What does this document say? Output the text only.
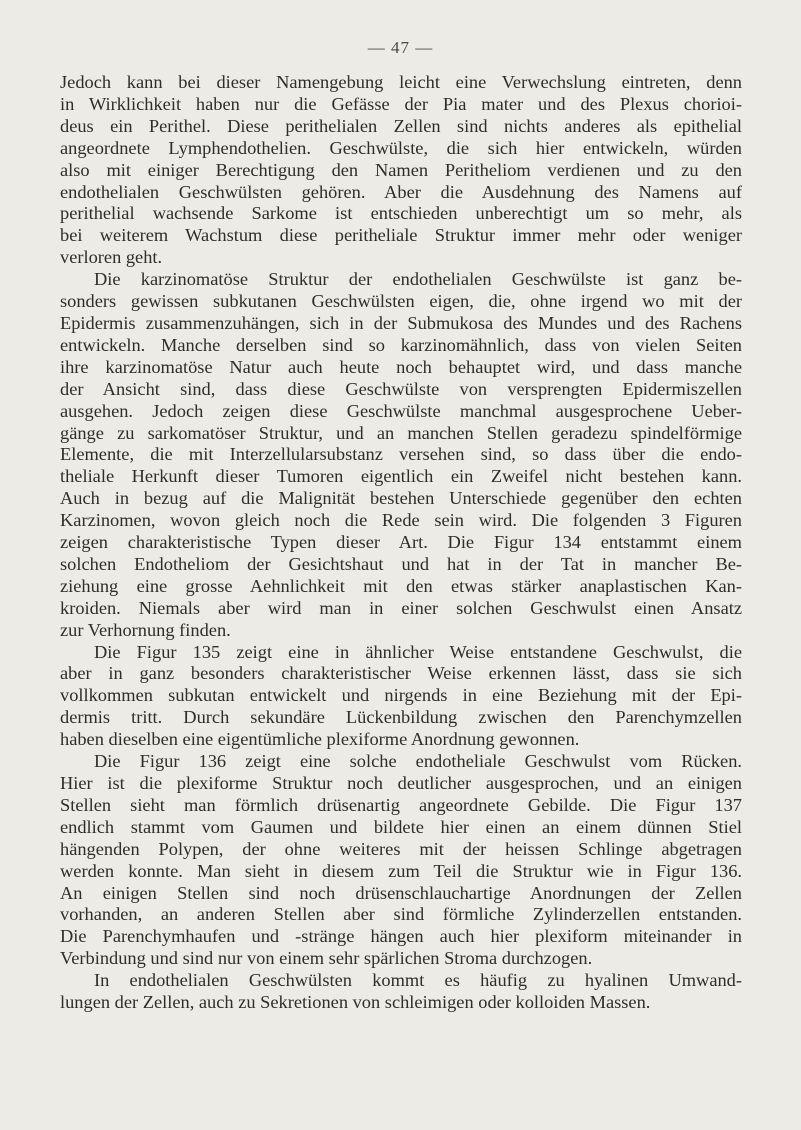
— 47 —

Jedoch kann bei dieser Namengebung leicht eine Verwechslung eintreten, denn

in Wirklichkeit haben nur die Gefässe der Pia mater und des Plexus chorioi-

deus ein Perithel. Diese perithelialen Zellen sind nichts anderes als epithelial

angeordnete Lymphendothelien. Geschwülste, die sich hier entwickeln, würden

also mit einiger Berechtigung den Namen Peritheliom verdienen und zu den

endothelialen Geschwülsten gehören. Aber die Ausdehnung des Namens auf

perithelial wachsende Sarkome ist entschieden unberechtigt um so mehr, als

bei weiterem Wachstum diese peritheliale Struktur immer mehr oder weniger

verloren geht.

Die karzinomatöse Struktur der endothelialen Geschwülste ist ganz be-

sonders gewissen subkutanen Geschwülsten eigen, die, ohne irgend wo mit der

Epidermis zusammenzuhängen, sich in der Submukosa des Mundes und des Rachens

entwickeln. Manche derselben sind so karzinomähnlich, dass von vielen Seiten

ihre karzinomatöse Natur auch heute noch behauptet wird, und dass manche

der Ansicht sind, dass diese Geschwülste von versprengten Epidermiszellen

ausgehen. Jedoch zeigen diese Geschwülste manchmal ausgesprochene Ueber-

gänge zu sarkomatöser Struktur, und an manchen Stellen geradezu spindelförmige

Elemente, die mit Interzellularsubstanz versehen sind, so dass über die endo-

theliale Herkunft dieser Tumoren eigentlich ein Zweifel nicht bestehen kann.

Auch in bezug auf die Malignität bestehen Unterschiede gegenüber den echten

Karzinomen, wovon gleich noch die Rede sein wird. Die folgenden 3 Figuren

zeigen charakteristische Typen dieser Art. Die Figur 134 entstammt einem

solchen Endotheliom der Gesichtshaut und hat in der Tat in mancher Be-

ziehung eine grosse Aehnlichkeit mit den etwas stärker anaplastischen Kan-

kroiden. Niemals aber wird man in einer solchen Geschwulst einen Ansatz

zur Verhornung finden.

Die Figur 135 zeigt eine in ähnlicher Weise entstandene Geschwulst, die

aber in ganz besonders charakteristischer Weise erkennen lässt, dass sie sich

vollkommen subkutan entwickelt und nirgends in eine Beziehung mit der Epi-

dermis tritt. Durch sekundäre Lückenbildung zwischen den Parenchymzellen

haben dieselben eine eigentümliche plexiforme Anordnung gewonnen.

Die Figur 136 zeigt eine solche endotheliale Geschwulst vom Rücken.

Hier ist die plexiforme Struktur noch deutlicher ausgesprochen, und an einigen

Stellen sieht man förmlich drüsenartig angeordnete Gebilde. Die Figur 137

endlich stammt vom Gaumen und bildete hier einen an einem dünnen Stiel

hängenden Polypen, der ohne weiteres mit der heissen Schlinge abgetragen

werden konnte. Man sieht in diesem zum Teil die Struktur wie in Figur 136.

An einigen Stellen sind noch drüsenschlauchartige Anordnungen der Zellen

vorhanden, an anderen Stellen aber sind förmliche Zylinderzellen entstanden.

Die Parenchymhaufen und -stränge hängen auch hier plexiform miteinander in

Verbindung und sind nur von einem sehr spärlichen Stroma durchzogen.

In endothelialen Geschwülsten kommt es häufig zu hyalinen Umwand-

lungen der Zellen, auch zu Sekretionen von schleimigen oder kolloiden Massen.
